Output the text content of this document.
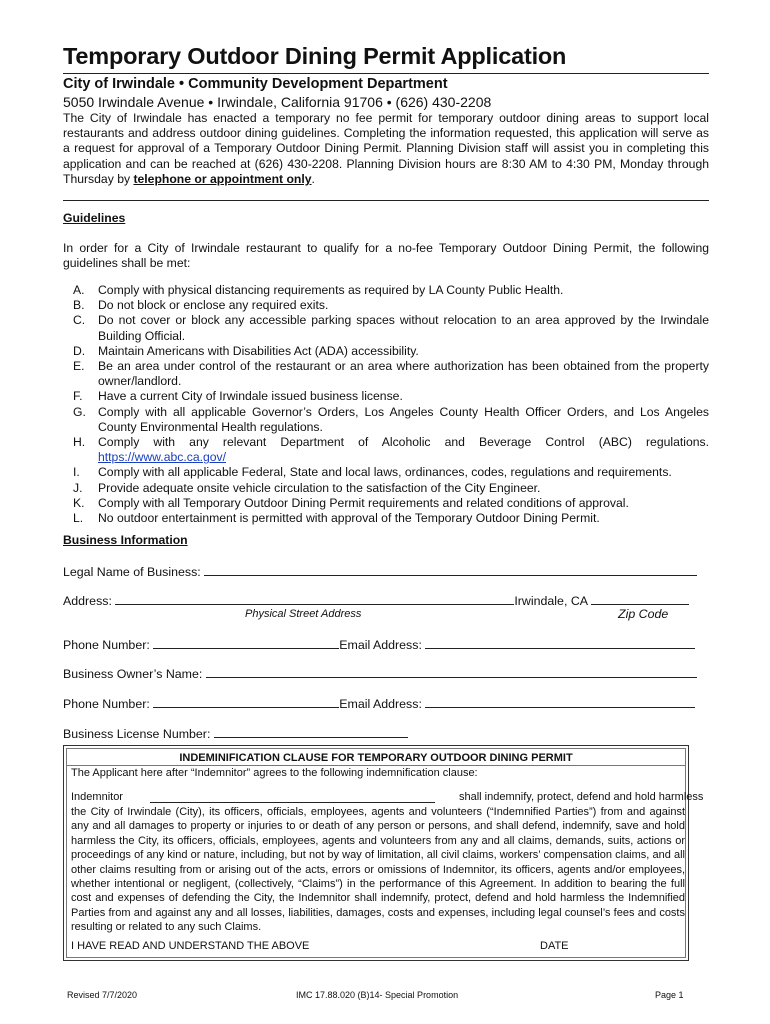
Temporary Outdoor Dining Permit Application
City of Irwindale • Community Development Department
5050 Irwindale Avenue • Irwindale, California 91706 • (626) 430-2208
The City of Irwindale has enacted a temporary no fee permit for temporary outdoor dining areas to support local restaurants and address outdoor dining guidelines. Completing the information requested, this application will serve as a request for approval of a Temporary Outdoor Dining Permit. Planning Division staff will assist you in completing this application and can be reached at (626) 430-2208. Planning Division hours are 8:30 AM to 4:30 PM, Monday through Thursday by telephone or appointment only.
Guidelines
In order for a City of Irwindale restaurant to qualify for a no-fee Temporary Outdoor Dining Permit, the following guidelines shall be met:
A. Comply with physical distancing requirements as required by LA County Public Health.
B. Do not block or enclose any required exits.
C. Do not cover or block any accessible parking spaces without relocation to an area approved by the Irwindale Building Official.
D. Maintain Americans with Disabilities Act (ADA) accessibility.
E. Be an area under control of the restaurant or an area where authorization has been obtained from the property owner/landlord.
F. Have a current City of Irwindale issued business license.
G. Comply with all applicable Governor’s Orders, Los Angeles County Health Officer Orders, and Los Angeles County Environmental Health regulations.
H. Comply with any relevant Department of Alcoholic and Beverage Control (ABC) regulations. https://www.abc.ca.gov/
I. Comply with all applicable Federal, State and local laws, ordinances, codes, regulations and requirements.
J. Provide adequate onsite vehicle circulation to the satisfaction of the City Engineer.
K. Comply with all Temporary Outdoor Dining Permit requirements and related conditions of approval.
L. No outdoor entertainment is permitted with approval of the Temporary Outdoor Dining Permit.
Business Information
Legal Name of Business:
Address:	Irwindale, CA
Physical Street Address	Zip Code
Phone Number:	Email Address:
Business Owner’s Name:
Phone Number:	Email Address:
Business License Number:
INDEMINIFICATION CLAUSE FOR TEMPORARY OUTDOOR DINING PERMIT
The Applicant here after “Indemnitor” agrees to the following indemnification clause:
Indemnitor	shall indemnify, protect, defend and hold harmless
the City of Irwindale (City), its officers, officials, employees, agents and volunteers (“Indemnified Parties”) from and against any and all damages to property or injuries to or death of any person or persons, and shall defend, indemnify, save and hold harmless the City, its officers, officials, employees, agents and volunteers from any and all claims, demands, suits, actions or proceedings of any kind or nature, including, but not by way of limitation, all civil claims, workers’ compensation claims, and all other claims resulting from or arising out of the acts, errors or omissions of Indemnitor, its officers, agents and/or employees, whether intentional or negligent, (collectively, “Claims”) in the performance of this Agreement. In addition to bearing the full cost and expenses of defending the City, the Indemnitor shall indemnify, protect, defend and hold harmless the Indemnified Parties from and against any and all losses, liabilities, damages, costs and expenses, including legal counsel’s fees and costs resulting or related to any such Claims.
I HAVE READ AND UNDERSTAND THE ABOVE	DATE
Revised 7/7/2020	IMC 17.88.020 (B)14- Special Promotion	Page 1
